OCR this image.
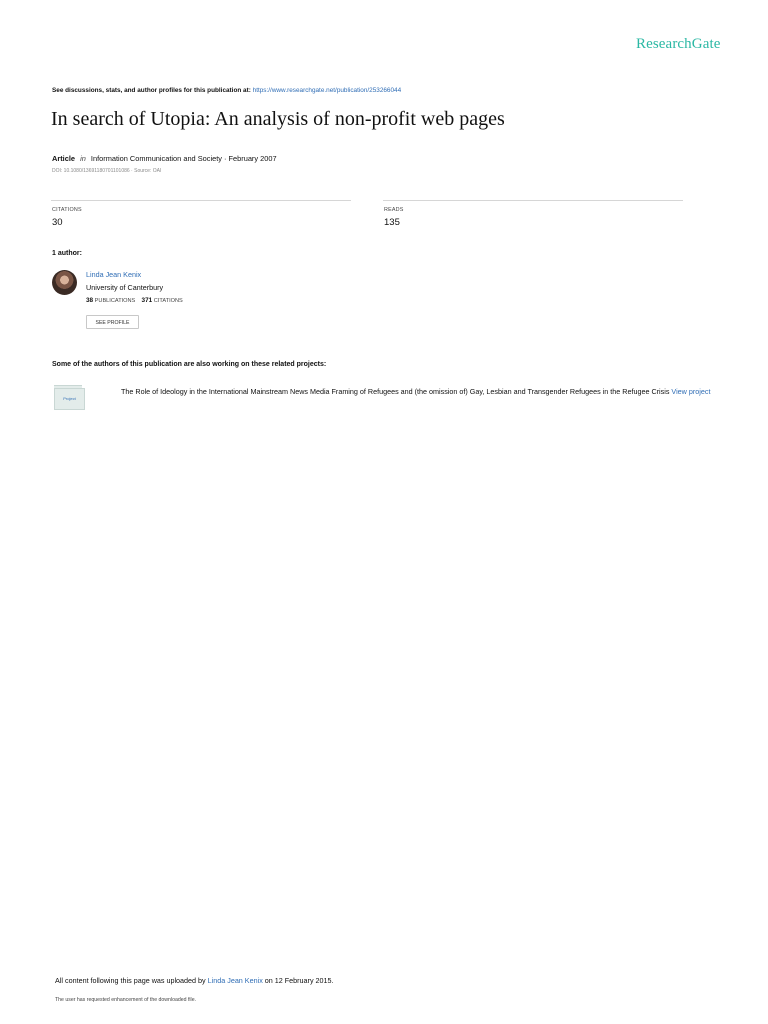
ResearchGate
See discussions, stats, and author profiles for this publication at: https://www.researchgate.net/publication/253266044
In search of Utopia: An analysis of non-profit web pages
Article in Information Communication and Society · February 2007
DOI: 10.1080/13691180701101086 · Source: OAI
CITATIONS
30
READS
135
1 author:
Linda Jean Kenix
University of Canterbury
38 PUBLICATIONS 371 CITATIONS
SEE PROFILE
Some of the authors of this publication are also working on these related projects:
Project
The Role of Ideology in the International Mainstream News Media Framing of Refugees and (the omission of) Gay, Lesbian and Transgender Refugees in the Refugee Crisis View project
All content following this page was uploaded by Linda Jean Kenix on 12 February 2015.
The user has requested enhancement of the downloaded file.
